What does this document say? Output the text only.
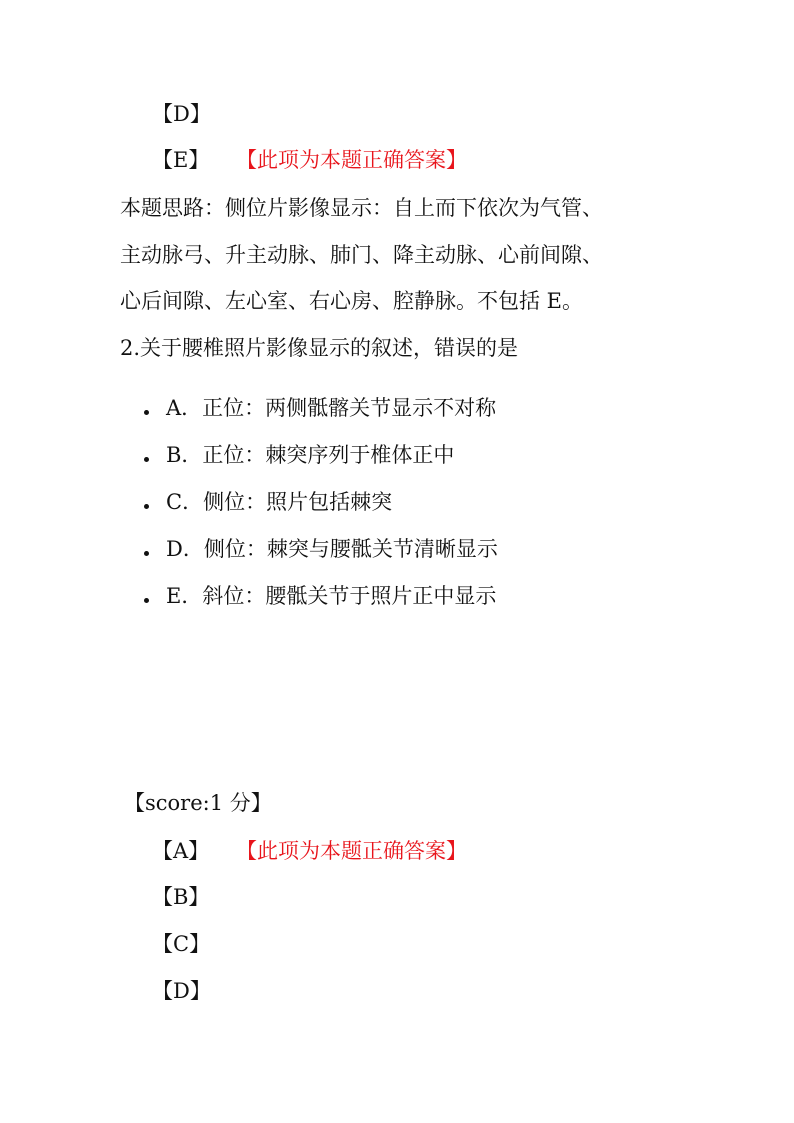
【D】
【E】 【此项为本题正确答案】
本题思路：侧位片影像显示：自上而下依次为气管、
主动脉弓、升主动脉、肺门、降主动脉、心前间隙、
心后间隙、左心室、右心房、腔静脉。不包括 E。
2.关于腰椎照片影像显示的叙述，错误的是
A．正位：两侧骶髂关节显示不对称
B．正位：棘突序列于椎体正中
C．侧位：照片包括棘突
D．侧位：棘突与腰骶关节清晰显示
E．斜位：腰骶关节于照片正中显示
【score:1 分】
【A】 【此项为本题正确答案】
【B】
【C】
【D】
